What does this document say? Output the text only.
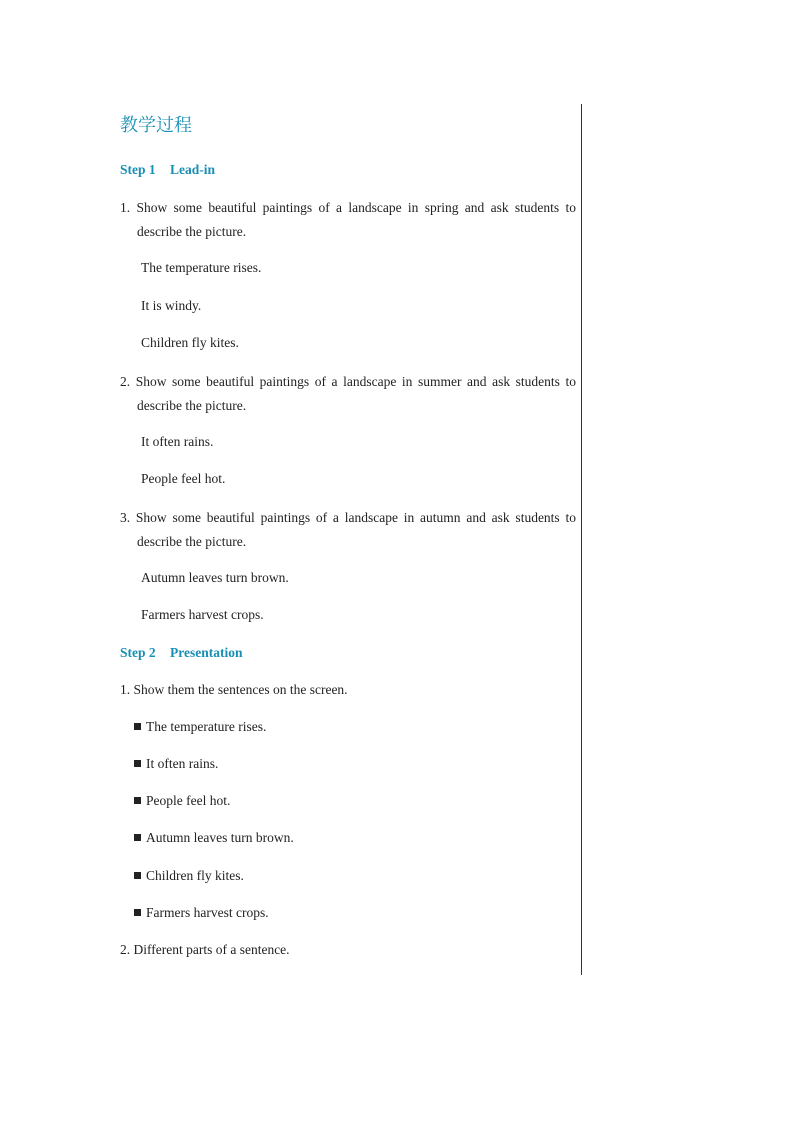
教学过程
Step 1 Lead-in
1. Show some beautiful paintings of a landscape in spring and ask students to describe the picture.
The temperature rises.
It is windy.
Children fly kites.
2. Show some beautiful paintings of a landscape in summer and ask students to describe the picture.
It often rains.
People feel hot.
3. Show some beautiful paintings of a landscape in autumn and ask students to describe the picture.
Autumn leaves turn brown.
Farmers harvest crops.
Step 2 Presentation
1. Show them the sentences on the screen.
The temperature rises.
It often rains.
People feel hot.
Autumn leaves turn brown.
Children fly kites.
Farmers harvest crops.
2. Different parts of a sentence.
